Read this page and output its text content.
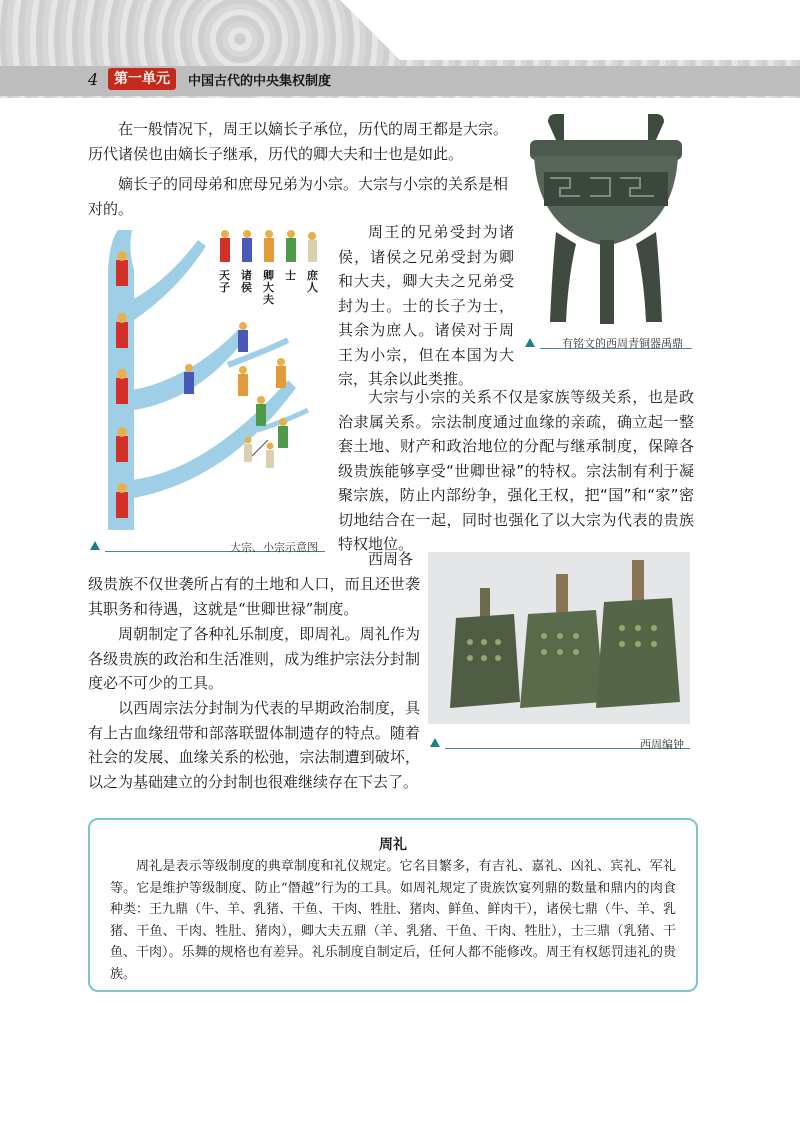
4	第一单元	中国古代的中央集权制度

在一般情况下，周王以嫡长子承位，历代的周王都是大宗。历代诸侯也由嫡长子继承，历代的卿大夫和士也是如此。

嫡长子的同母弟和庶母兄弟为小宗。大宗与小宗的关系是相对的。

周王的兄弟受封为诸侯，诸侯之兄弟受封为卿和大夫，卿大夫之兄弟受封为士。士的长子为士，其余为庶人。诸侯对于周王为小宗，但在本国为大宗，其余以此类推。

大宗与小宗的关系不仅是家族等级关系，也是政治隶属关系。宗法制度通过血缘的亲疏，确立起一整套土地、财产和政治地位的分配与继承制度，保障各级贵族能够享受“世卿世禄”的特权。宗法制有利于凝聚宗族，防止内部纷争，强化王权，把“国”和“家”密切地结合在一起，同时也强化了以大宗为代表的贵族特权地位。

西周各

级贵族不仅世袭所占有的土地和人口，而且还世袭其职务和待遇，这就是“世卿世禄”制度。

周朝制定了各种礼乐制度，即周礼。周礼作为各级贵族的政治和生活准则，成为维护宗法分封制度必不可少的工具。

以西周宗法分封制为代表的早期政治制度，具有上古血缘纽带和部落联盟体制遗存的特点。随着社会的发展、血缘关系的松弛，宗法制遭到破坏，以之为基础建立的分封制也很难继续存在下去了。

有铭文的西周青铜器禹鼎
天子
诸侯
卿大夫
士 庶人
大宗、小宗示意图
西周编钟
周礼

周礼是表示等级制度的典章制度和礼仪规定。它名目繁多，有吉礼、嘉礼、凶礼、宾礼、军礼等。它是维护等级制度、防止“僭越”行为的工具。如周礼规定了贵族饮宴列鼎的数量和鼎内的肉食种类：王九鼎（牛、羊、乳猪、干鱼、干肉、牲肚、猪肉、鲜鱼、鲜肉干），诸侯七鼎（牛、羊、乳猪、干鱼、干肉、牲肚、猪肉），卿大夫五鼎（羊、乳猪、干鱼、干肉、牲肚），士三鼎（乳猪、干鱼、干肉）。乐舞的规格也有差异。礼乐制度自制定后，任何人都不能修改。周王有权惩罚违礼的贵族。
